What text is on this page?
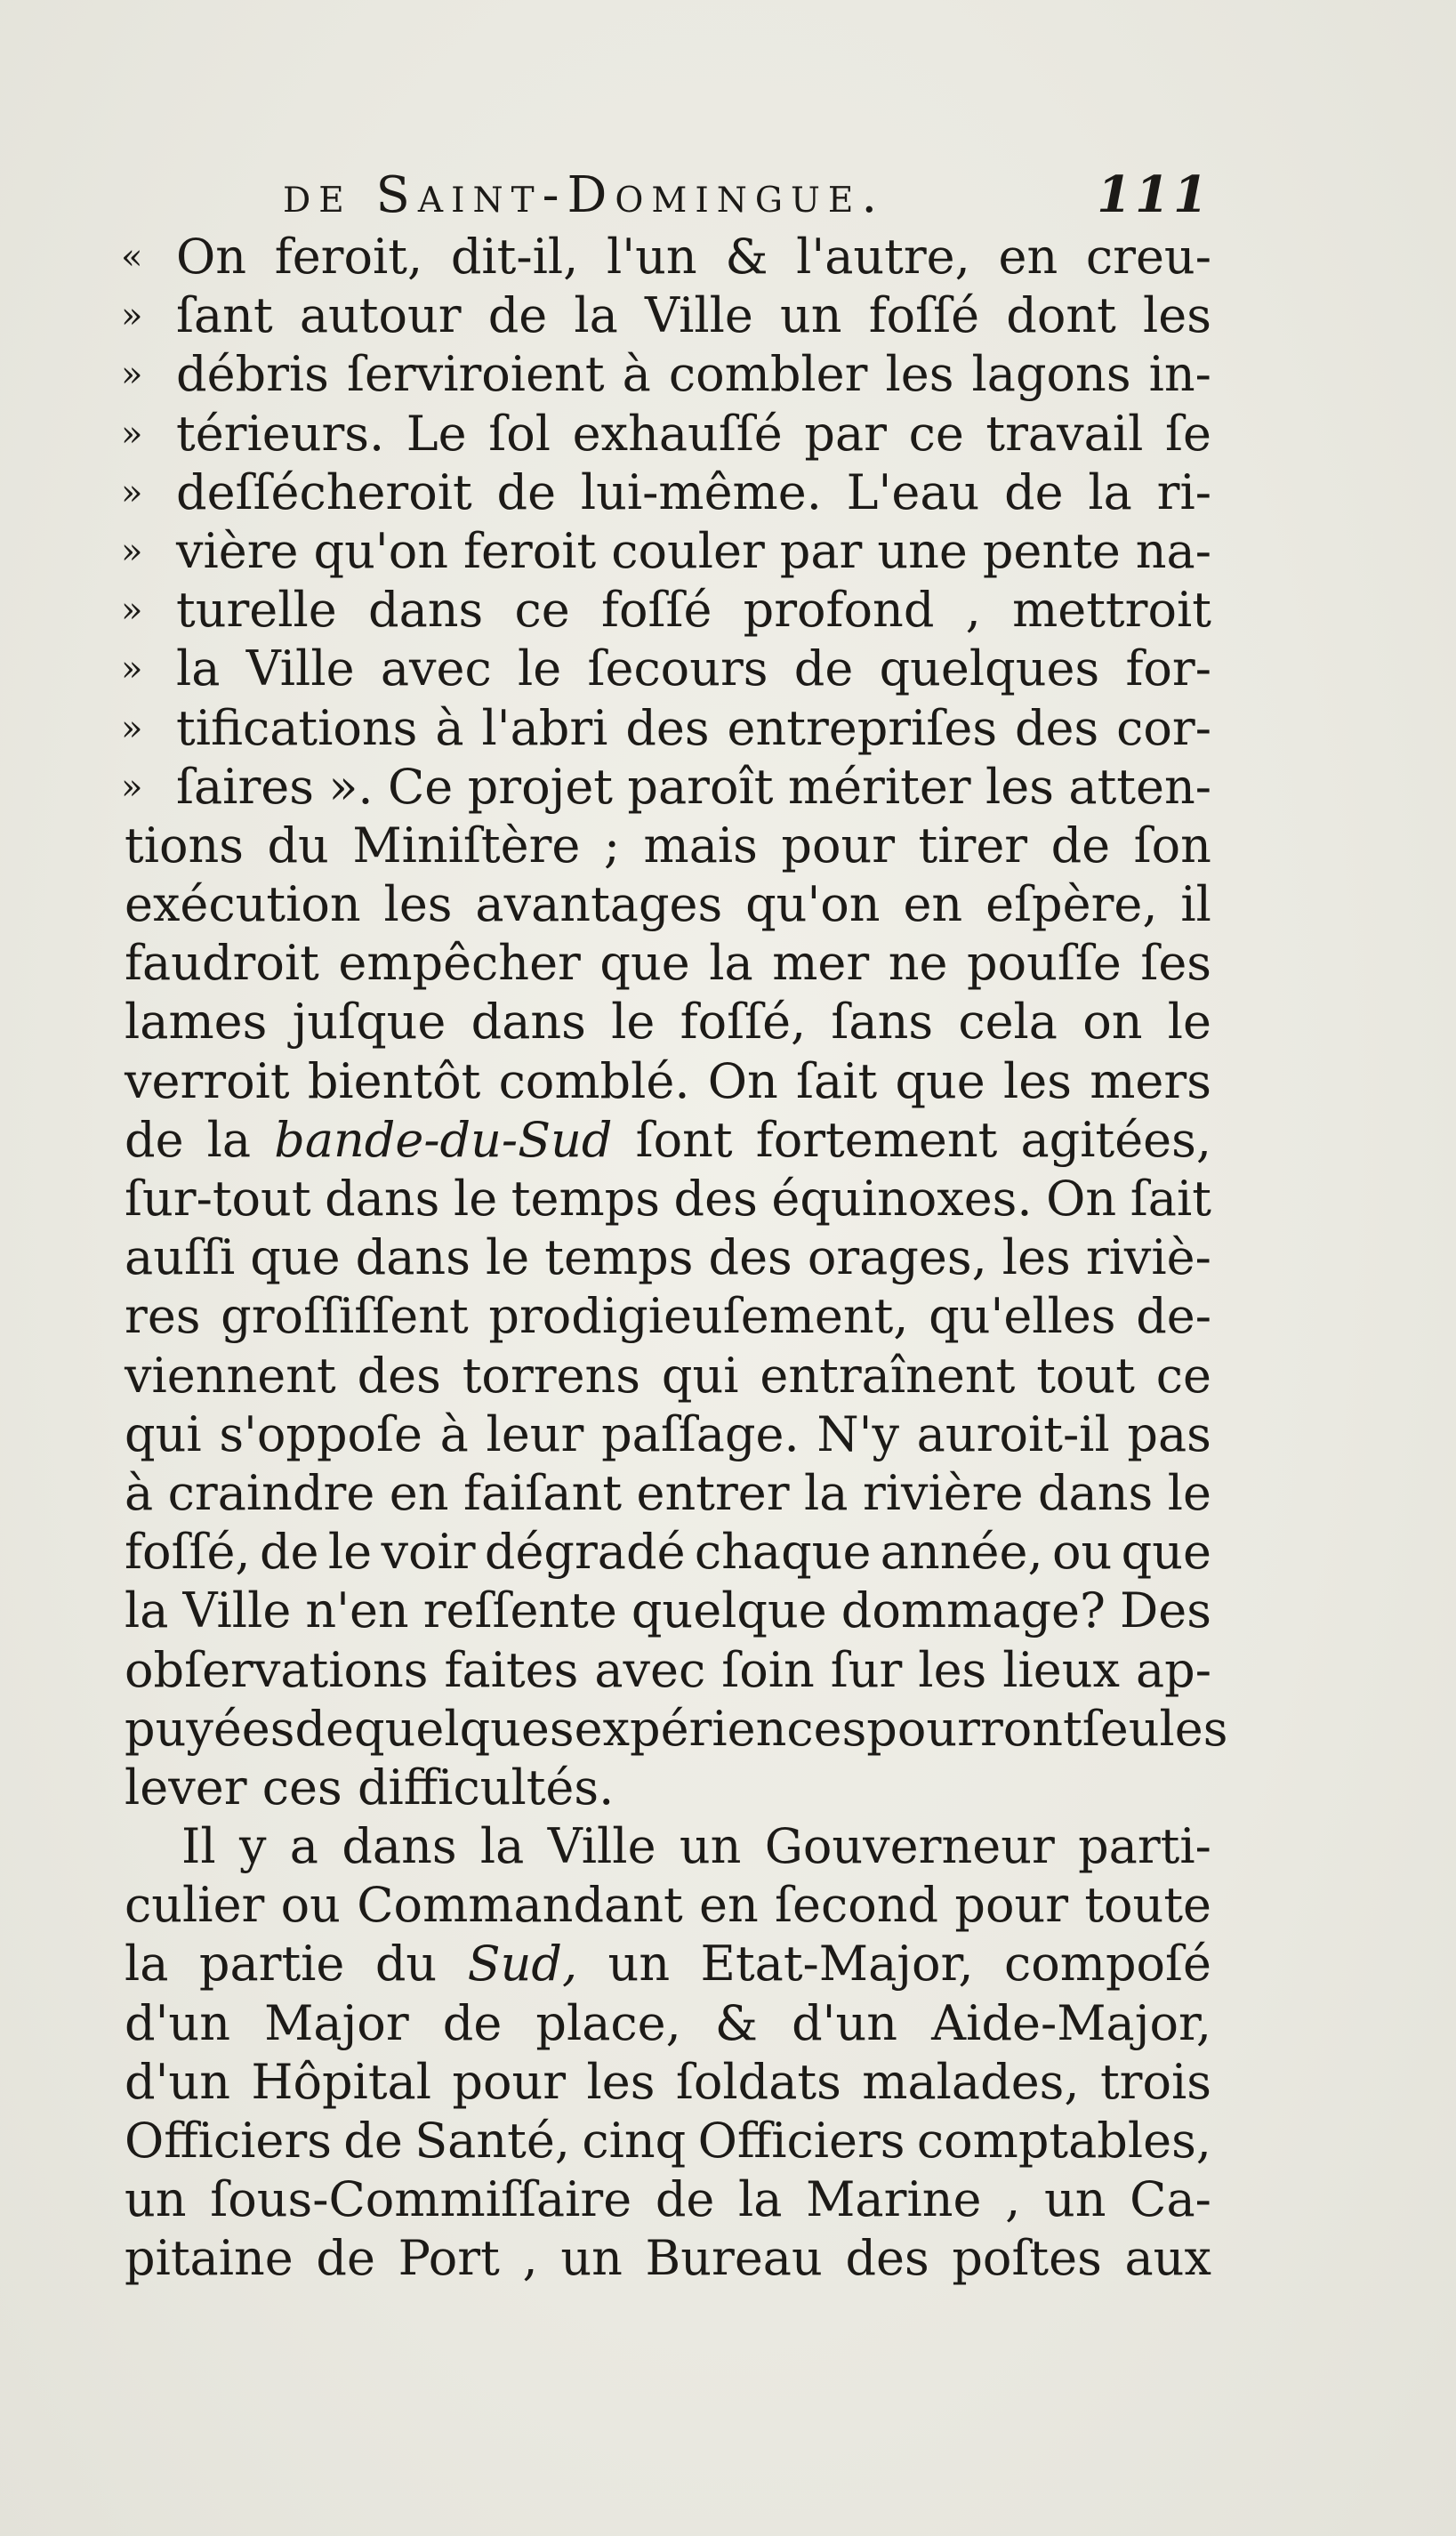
de Saint-Domingue.	111
« On feroit, dit-il, l'un & l'autre, en creu-
» ſant autour de la Ville un foſſé dont les
» débris ſerviroient à combler les lagons in-
» térieurs. Le ſol exhauſſé par ce travail ſe
» deſſécheroit de lui-même. L'eau de la ri-
» vière qu'on feroit couler par une pente na-
» turelle dans ce foſſé profond , mettroit
» la Ville avec le ſecours de quelques for-
» tifications à l'abri des entrepriſes des cor-
» ſaires ». Ce projet paroît mériter les atten-
tions du Miniſtère ; mais pour tirer de ſon
exécution les avantages qu'on en eſpère, il
faudroit empêcher que la mer ne pouſſe ſes
lames juſque dans le foſſé, ſans cela on le
verroit bientôt comblé. On ſait que les mers
de la bande-du-Sud ſont fortement agitées,
ſur-tout dans le temps des équinoxes. On ſait
auſſi que dans le temps des orages, les riviè-
res groſſiſſent prodigieuſement, qu'elles de-
viennent des torrens qui entraînent tout ce
qui s'oppoſe à leur paſſage. N'y auroit-il pas
à craindre en faiſant entrer la rivière dans le
foſſé, de le voir dégradé chaque année, ou que
la Ville n'en reſſente quelque dommage? Des
obſervations faites avec ſoin ſur les lieux ap-
puyées de quelques expériences pourront ſeules
lever ces difficultés.
Il y a dans la Ville un Gouverneur parti-
culier ou Commandant en ſecond pour toute
la partie du Sud, un Etat-Major, compoſé
d'un Major de place, & d'un Aide-Major,
d'un Hôpital pour les ſoldats malades, trois
Officiers de Santé, cinq Officiers comptables,
un ſous-Commiſſaire de la Marine , un Ca-
pitaine de Port , un Bureau des poſtes aux
